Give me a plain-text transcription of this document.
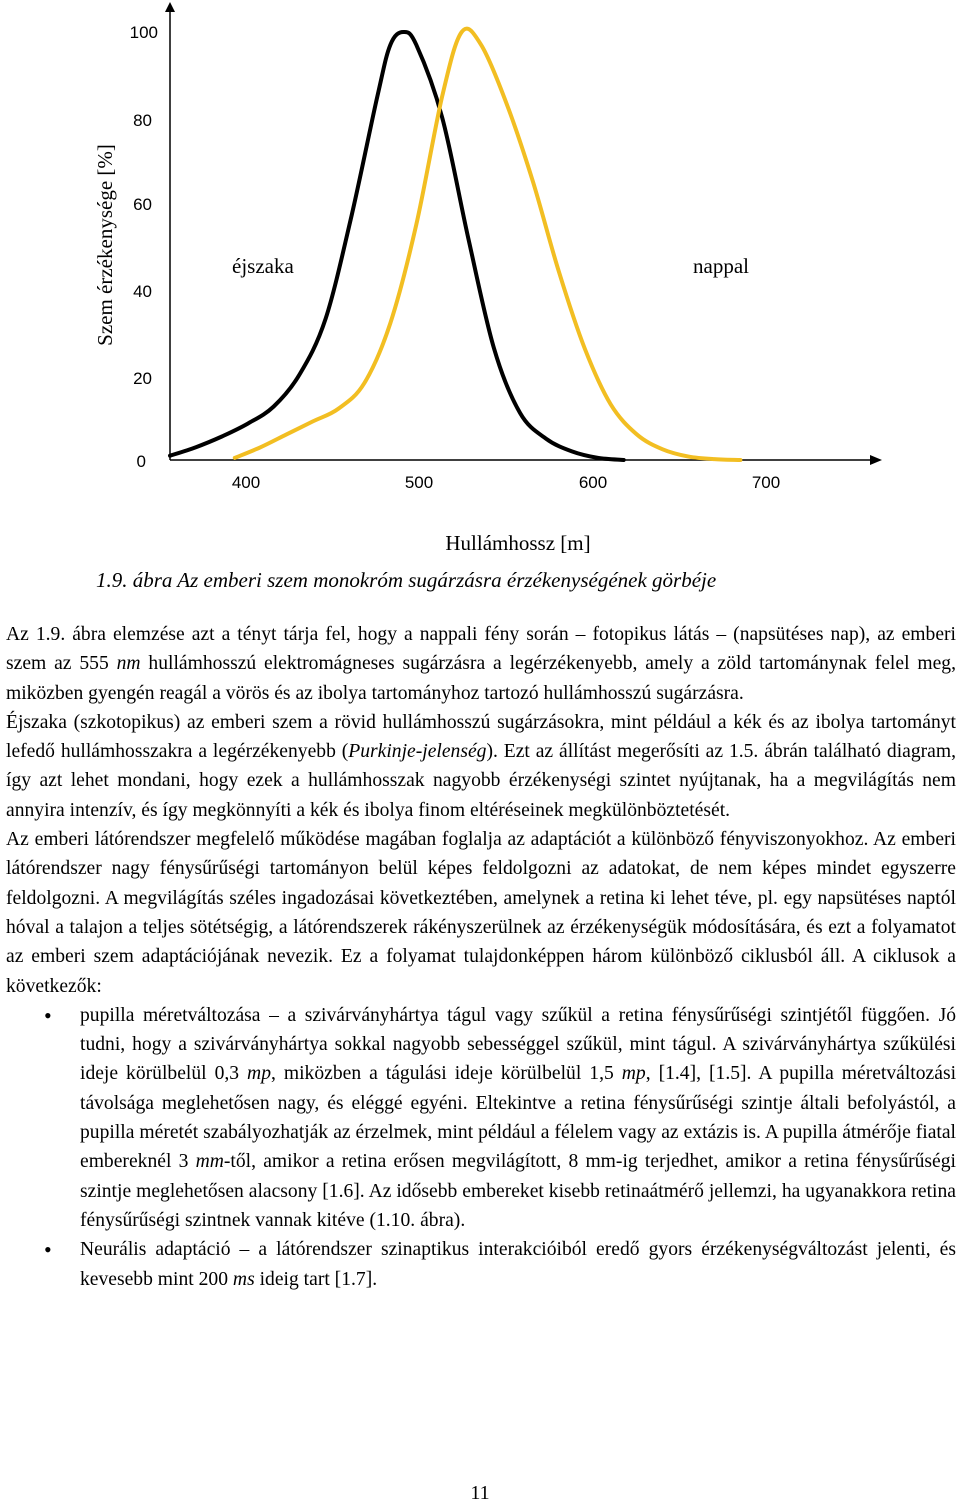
100
80
60
40
20
0
400	500	600	700
Szem érzékenysége [%]
Hullámhossz [m]
éjszaka	nappal
1.9. ábra Az emberi szem monokróm sugárzásra érzékenységének görbéje

Az 1.9. ábra elemzése azt a tényt tárja fel, hogy a nappali fény során – fotopikus látás – (napsütéses nap), az emberi szem az 555 nm hullámhosszú elektromágneses sugárzásra a legérzékenyebb, amely a zöld tartománynak felel meg, miközben gyengén reagál a vörös és az ibolya tartományhoz tartozó hullámhosszú sugárzásra.

Éjszaka (szkotopikus) az emberi szem a rövid hullámhosszú sugárzásokra, mint például a kék és az ibolya tartományt lefedő hullámhosszakra a legérzékenyebb (Purkinje-jelenség). Ezt az állítást megerősíti az 1.5. ábrán található diagram, így azt lehet mondani, hogy ezek a hullámhosszak nagyobb érzékenységi szintet nyújtanak, ha a megvilágítás nem annyira intenzív, és így megkönnyíti a kék és ibolya finom eltéréseinek megkülönböztetését.

Az emberi látórendszer megfelelő működése magában foglalja az adaptációt a különböző fényviszonyokhoz. Az emberi látórendszer nagy fénysűrűségi tartományon belül képes feldolgozni az adatokat, de nem képes mindet egyszerre feldolgozni. A megvilágítás széles ingadozásai következtében, amelynek a retina ki lehet téve, pl. egy napsütéses naptól hóval a talajon a teljes sötétségig, a látórendszerek rákényszerülnek az érzékenységük módosítására, és ezt a folyamatot az emberi szem adaptációjának nevezik. Ez a folyamat tulajdonképpen három különböző ciklusból áll. A ciklusok a következők:

• pupilla méretváltozása – a szivárványhártya tágul vagy szűkül a retina fénysűrűségi szintjétől függően. Jó tudni, hogy a szivárványhártya sokkal nagyobb sebességgel szűkül, mint tágul. A szivárványhártya szűkülési ideje körülbelül 0,3 mp, miközben a tágulási ideje körülbelül 1,5 mp, [1.4], [1.5]. A pupilla méretváltozási távolsága meglehetősen nagy, és eléggé egyéni. Eltekintve a retina fénysűrűségi szintje általi befolyástól, a pupilla méretét szabályozhatják az érzelmek, mint például a félelem vagy az extázis is. A pupilla átmérője fiatal embereknél 3 mm-től, amikor a retina erősen megvilágított, 8 mm-ig terjedhet, amikor a retina fénysűrűségi szintje meglehetősen alacsony [1.6]. Az idősebb embereket kisebb retinaátmérő jellemzi, ha ugyanakkora retina fénysűrűségi szintnek vannak kitéve (1.10. ábra).
• Neurális adaptáció – a látórendszer szinaptikus interakcióiból eredő gyors érzékenységváltozást jelenti, és kevesebb mint 200 ms ideig tart [1.7].
11
